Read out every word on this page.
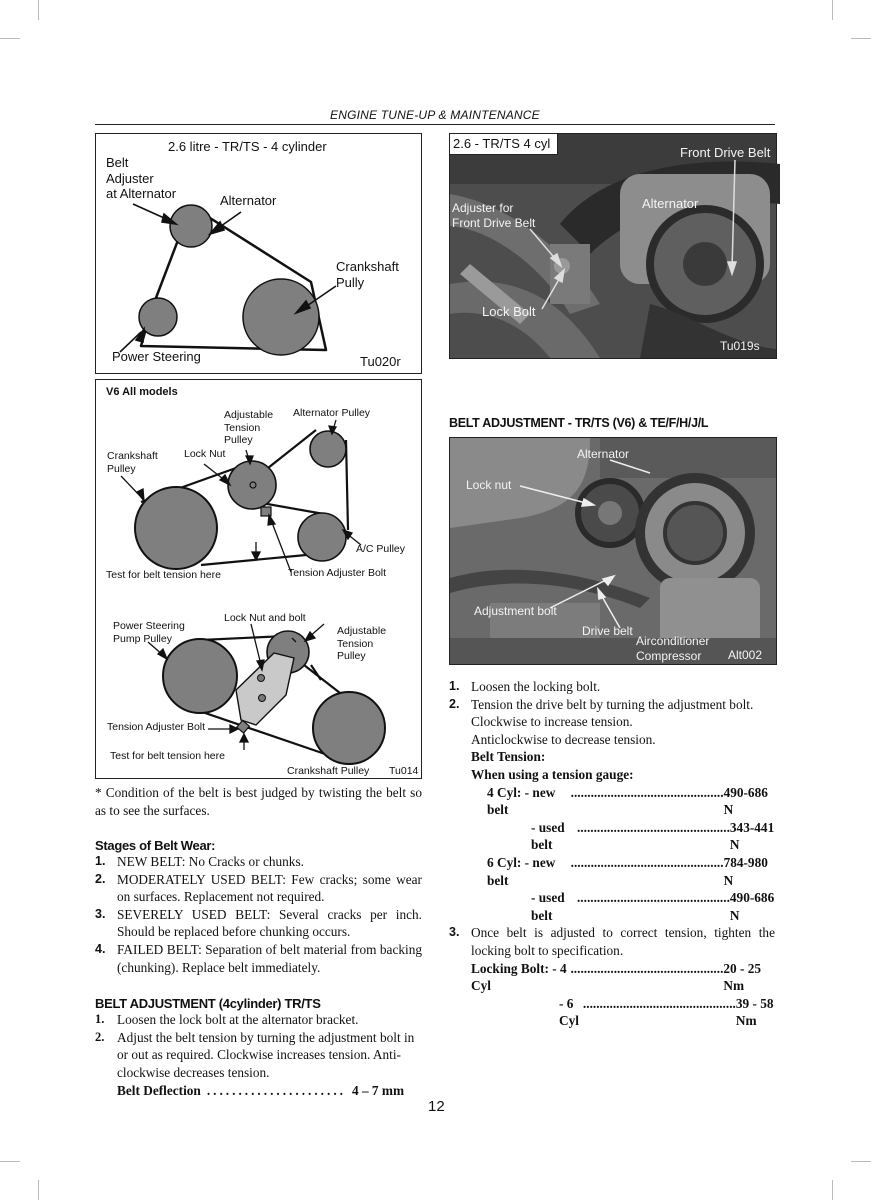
ENGINE TUNE-UP & MAINTENANCE
2.6 litre - TR/TS - 4 cylinder
Belt
Adjuster
at Alternator	Alternator
Crankshaft
Pully
Power Steering	Tu020r
2.6 - TR/TS 4 cyl
Front Drive Belt
Alternator
Adjuster for
Front Drive Belt
Lock Bolt
Tu019s
V6 All models
Adjustable
Tension
Pulley
Alternator Pulley
Crankshaft
Pulley
Lock Nut
A/C Pulley
Test for belt tension here	Tension Adjuster Bolt
Power Steering
Pump Pulley
Lock Nut and bolt
Adjustable
Tension
Pulley
Tension Adjuster Bolt
Test for belt tension here
Crankshaft Pulley Tu014
BELT ADJUSTMENT - TR/TS (V6) & TE/F/H/J/L
Alternator
Lock nut
Adjustment bolt
Drive belt
Airconditioner
Compressor	Alt002
* Condition of the belt is best judged by twisting the belt so as to see the surfaces.
Stages of Belt Wear:
1. NEW BELT: No Cracks or chunks.
2. MODERATELY USED BELT: Few cracks; some wear on surfaces. Replacement not required.
3. SEVERELY USED BELT: Several cracks per inch. Should be replaced before chunking occurs.
4. FAILED BELT: Separation of belt material from backing (chunking). Replace belt immediately.
BELT ADJUSTMENT (4cylinder) TR/TS
1. Loosen the lock bolt at the alternator bracket.
2. Adjust the belt tension by turning the adjustment bolt in or out as required. Clockwise increases tension. Anti-clockwise decreases tension.
Belt Deflection ...................... 4 – 7 mm
1. Loosen the locking bolt.
2. Tension the drive belt by turning the adjustment bolt.
Clockwise to increase tension.
Anticlockwise to decrease tension.
Belt Tension:
When using a tension gauge:
4 Cyl: - new belt
.............................................. 490-686 N
- used belt
.............................................. 343-441 N
6 Cyl: - new belt
.............................................. 784-980 N
- used belt
.............................................. 490-686 N
3. Once belt is adjusted to correct tension, tighten the locking bolt to specification.
Locking Bolt: - 4 Cyl
.............................................. 20 - 25 Nm
- 6 Cyl
.............................................. 39 - 58 Nm
12
